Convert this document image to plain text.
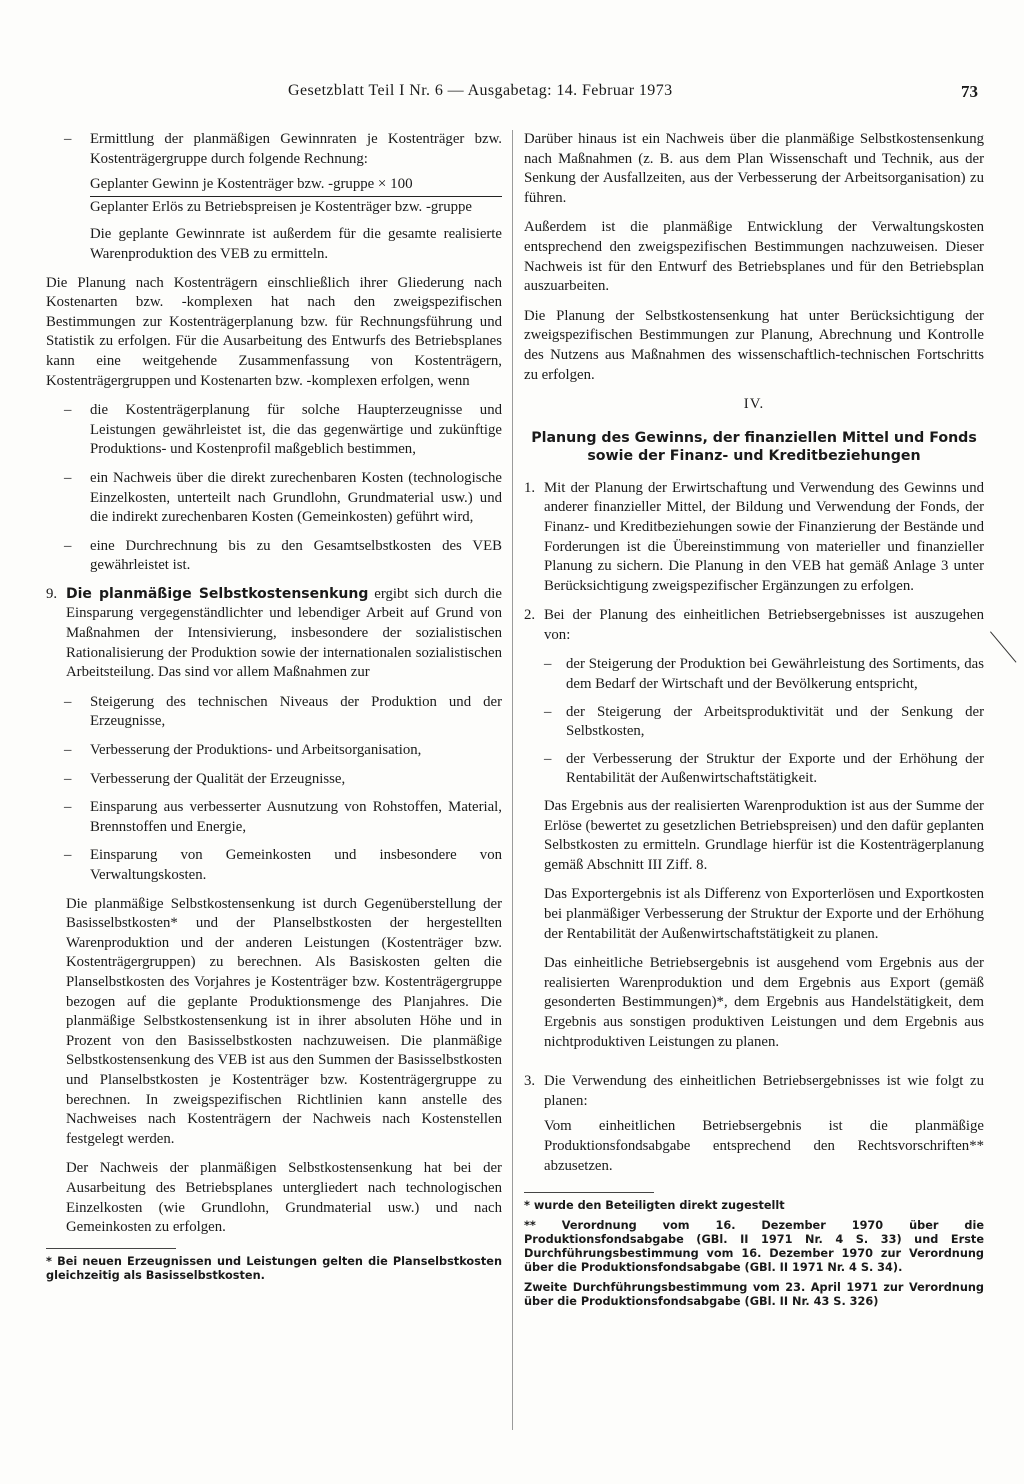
Gesetzblatt Teil I Nr. 6 — Ausgabetag: 14. Februar 1973	73
–	Ermittlung der planmäßigen Gewinnraten je Kostenträger bzw. Kostenträgergruppe durch folgende Rechnung:

Geplanter Gewinn je Kostenträger bzw. -gruppe × 100
Geplanter Erlös zu Betriebspreisen je Kostenträger bzw. -gruppe

Die geplante Gewinnrate ist außerdem für die gesamte realisierte Warenproduktion des VEB zu ermitteln.

Die Planung nach Kostenträgern einschließlich ihrer Gliederung nach Kostenarten bzw. -komplexen hat nach den zweigspezifischen Bestimmungen zur Kostenträgerplanung bzw. für Rechnungsführung und Statistik zu erfolgen. Für die Ausarbeitung des Entwurfs des Betriebsplanes kann eine weitgehende Zusammenfassung von Kostenträgern, Kostenträgergruppen und Kostenarten bzw. -komplexen erfolgen, wenn

–	die Kostenträgerplanung für solche Haupterzeugnisse und Leistungen gewährleistet ist, die das gegenwärtige und zukünftige Produktions- und Kostenprofil maßgeblich bestimmen,
–	ein Nachweis über die direkt zurechenbaren Kosten (technologische Einzelkosten, unterteilt nach Grundlohn, Grundmaterial usw.) und die indirekt zurechenbaren Kosten (Gemeinkosten) geführt wird,
–	eine Durchrechnung bis zu den Gesamtselbstkosten des VEB gewährleistet ist.
9. Die planmäßige Selbstkostensenkung ergibt sich durch die Einsparung vergegenständlichter und lebendiger Arbeit auf Grund von Maßnahmen der Intensivierung, insbesondere der sozialistischen Rationalisierung der Produktion sowie der internationalen sozialistischen Arbeitsteilung. Das sind vor allem Maßnahmen zur

–	Steigerung des technischen Niveaus der Produktion und der Erzeugnisse,
–	Verbesserung der Produktions- und Arbeitsorganisation,
–	Verbesserung der Qualität der Erzeugnisse,
–	Einsparung aus verbesserter Ausnutzung von Rohstoffen, Material, Brennstoffen und Energie,
–	Einsparung von Gemeinkosten und insbesondere von Verwaltungskosten.

Die planmäßige Selbstkostensenkung ist durch Gegenüberstellung der Basisselbstkosten* und der Planselbstkosten der hergestellten Warenproduktion und der anderen Leistungen (Kostenträger bzw. Kostenträgergruppen) zu berechnen. Als Basiskosten gelten die Planselbstkosten des Vorjahres je Kostenträger bzw. Kostenträgergruppe bezogen auf die geplante Produktionsmenge des Planjahres. Die planmäßige Selbstkostensenkung ist in ihrer absoluten Höhe und in Prozent von den Basisselbstkosten nachzuweisen. Die planmäßige Selbstkostensenkung des VEB ist aus den Summen der Basisselbstkosten und Planselbstkosten je Kostenträger bzw. Kostenträgergruppe zu berechnen. In zweigspezifischen Richtlinien kann anstelle des Nachweises nach Kostenträgern der Nachweis nach Kostenstellen festgelegt werden.

Der Nachweis der planmäßigen Selbstkostensenkung hat bei der Ausarbeitung des Betriebsplanes untergliedert nach technologischen Einzelkosten (wie Grundlohn, Grundmaterial usw.) und nach Gemeinkosten zu erfolgen.

* Bei neuen Erzeugnissen und Leistungen gelten die Planselbstkosten gleichzeitig als Basisselbstkosten.

Darüber hinaus ist ein Nachweis über die planmäßige Selbstkostensenkung nach Maßnahmen (z. B. aus dem Plan Wissenschaft und Technik, aus der Senkung der Ausfallzeiten, aus der Verbesserung der Arbeitsorganisation) zu führen.

Außerdem ist die planmäßige Entwicklung der Verwaltungskosten entsprechend den zweigspezifischen Bestimmungen nachzuweisen. Dieser Nachweis ist für den Entwurf des Betriebsplanes und für den Betriebsplan auszuarbeiten.

Die Planung der Selbstkostensenkung hat unter Berücksichtigung der zweigspezifischen Bestimmungen zur Planung, Abrechnung und Kontrolle des Nutzens aus Maßnahmen des wissenschaftlich-technischen Fortschritts zu erfolgen.

IV.
Planung des Gewinns, der finanziellen Mittel und Fonds sowie der Finanz- und Kreditbeziehungen
1. Mit der Planung der Erwirtschaftung und Verwendung des Gewinns und anderer finanzieller Mittel, der Bildung und Verwendung der Fonds, der Finanz- und Kreditbeziehungen sowie der Finanzierung der Bestände und Forderungen ist die Übereinstimmung von materieller und finanzieller Planung zu sichern. Die Planung in den VEB hat gemäß Anlage 3 unter Berücksichtigung zweigspezifischer Ergänzungen zu erfolgen.

2. Bei der Planung des einheitlichen Betriebsergebnisses ist auszugehen von:

– der Steigerung der Produktion bei Gewährleistung des Sortiments, das dem Bedarf der Wirtschaft und der Bevölkerung entspricht,
– der Steigerung der Arbeitsproduktivität und der Senkung der Selbstkosten,
– der Verbesserung der Struktur der Exporte und der Erhöhung der Rentabilität der Außenwirtschaftstätigkeit.

Das Ergebnis aus der realisierten Warenproduktion ist aus der Summe der Erlöse (bewertet zu gesetzlichen Betriebspreisen) und den dafür geplanten Selbstkosten zu ermitteln. Grundlage hierfür ist die Kostenträgerplanung gemäß Abschnitt III Ziff. 8.

Das Exportergebnis ist als Differenz von Exporterlösen und Exportkosten bei planmäßiger Verbesserung der Struktur der Exporte und der Erhöhung der Rentabilität der Außenwirtschaftstätigkeit zu planen.

Das einheitliche Betriebsergebnis ist ausgehend vom Ergebnis aus der realisierten Warenproduktion und dem Ergebnis aus Export (gemäß gesonderten Bestimmungen)*, dem Ergebnis aus Handelstätigkeit, dem Ergebnis aus sonstigen produktiven Leistungen und dem Ergebnis aus nichtproduktiven Leistungen zu planen.

3. Die Verwendung des einheitlichen Betriebsergebnisses ist wie folgt zu planen:

Vom einheitlichen Betriebsergebnis ist die planmäßige Produktionsfondsabgabe entsprechend den Rechtsvorschriften** abzusetzen.

* wurde den Beteiligten direkt zugestellt

** Verordnung vom 16. Dezember 1970 über die Produktionsfondsabgabe (GBl. II 1971 Nr. 4 S. 33) und Erste Durchführungsbestimmung vom 16. Dezember 1970 zur Verordnung über die Produktionsfondsabgabe (GBl. II 1971 Nr. 4 S. 34).

Zweite Durchführungsbestimmung vom 23. April 1971 zur Verordnung über die Produktionsfondsabgabe (GBl. II Nr. 43 S. 326)
